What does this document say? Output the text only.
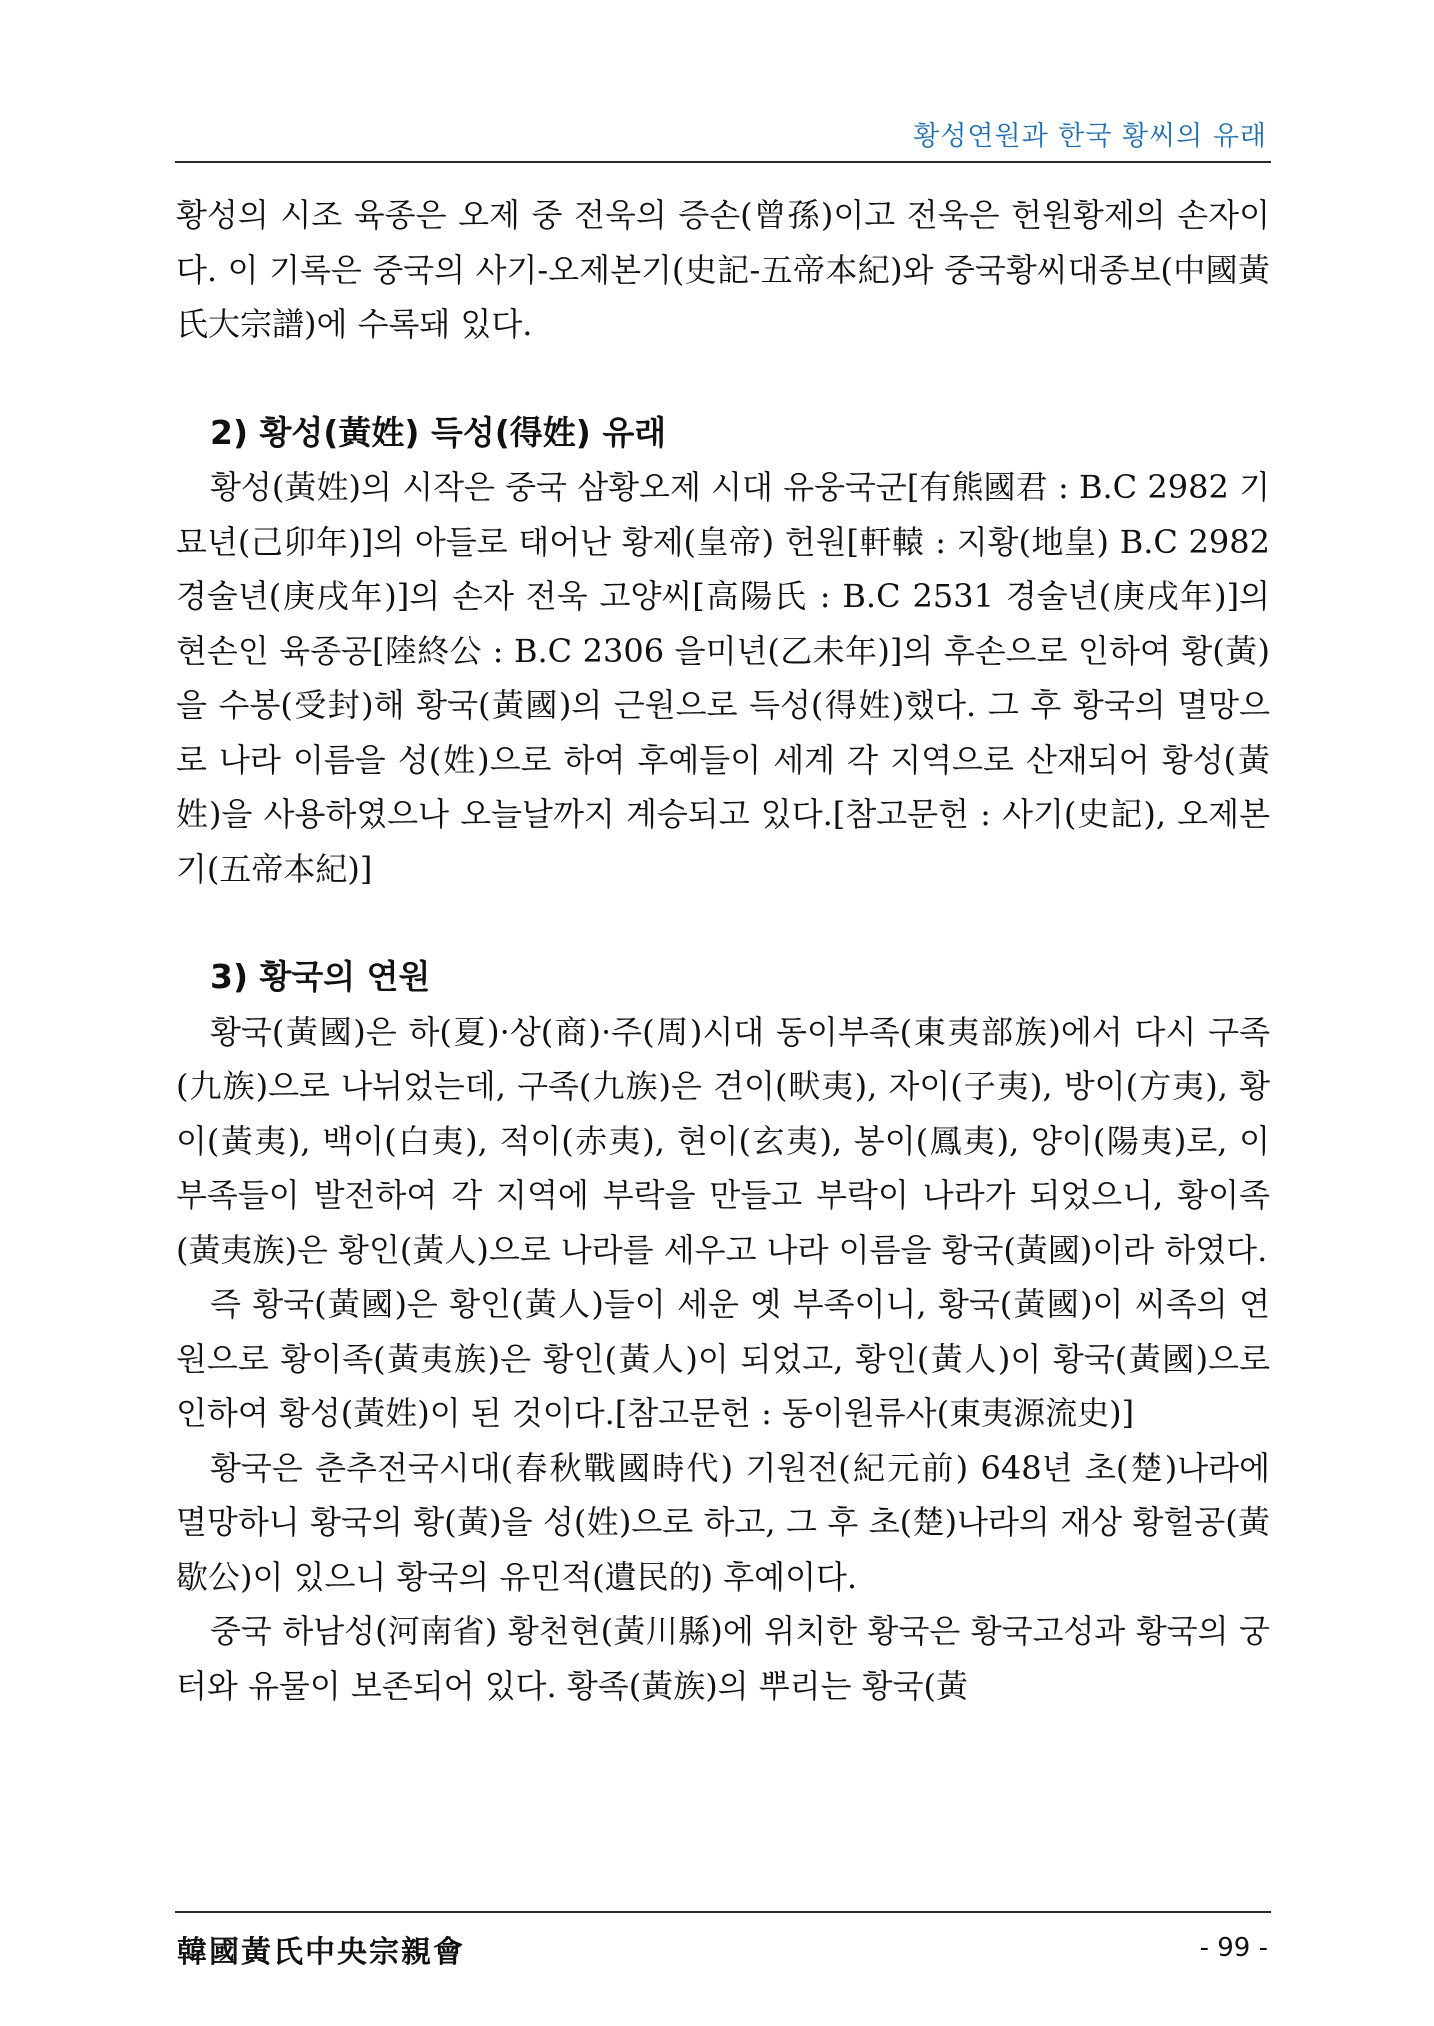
황성연원과 한국 황씨의 유래

황성의 시조 육종은 오제 중 전욱의 증손(曾孫)이고 전욱은 헌원황제의 손자이다. 이 기록은 중국의 사기-오제본기(史記-五帝本紀)와 중국황씨대종보(中國黃氏大宗譜)에 수록돼 있다.

2) 황성(黃姓) 득성(得姓) 유래

황성(黃姓)의 시작은 중국 삼황오제 시대 유웅국군[有熊國君 : B.C 2982 기묘년(己卯年)]의 아들로 태어난 황제(皇帝) 헌원[軒轅 : 지황(地皇) B.C 2982 경술년(庚戌年)]의 손자 전욱 고양씨[高陽氏 : B.C 2531 경술년(庚戌年)]의 현손인 육종공[陸終公 : B.C 2306 을미년(乙未年)]의 후손으로 인하여 황(黃)을 수봉(受封)해 황국(黃國)의 근원으로 득성(得姓)했다. 그 후 황국의 멸망으로 나라 이름을 성(姓)으로 하여 후예들이 세계 각 지역으로 산재되어 황성(黃姓)을 사용하였으나 오늘날까지 계승되고 있다.[참고문헌 : 사기(史記), 오제본기(五帝本紀)]

3) 황국의 연원

황국(黃國)은 하(夏)·상(商)·주(周)시대 동이부족(東夷部族)에서 다시 구족(九族)으로 나뉘었는데, 구족(九族)은 견이(畎夷), 자이(子夷), 방이(方夷), 황이(黃夷), 백이(白夷), 적이(赤夷), 현이(玄夷), 봉이(鳳夷), 양이(陽夷)로, 이 부족들이 발전하여 각 지역에 부락을 만들고 부락이 나라가 되었으니, 황이족(黃夷族)은 황인(黃人)으로 나라를 세우고 나라 이름을 황국(黃國)이라 하였다.

즉 황국(黃國)은 황인(黃人)들이 세운 옛 부족이니, 황국(黃國)이 씨족의 연원으로 황이족(黃夷族)은 황인(黃人)이 되었고, 황인(黃人)이 황국(黃國)으로 인하여 황성(黃姓)이 된 것이다.[참고문헌 : 동이원류사(東夷源流史)]

황국은 춘추전국시대(春秋戰國時代) 기원전(紀元前) 648년 초(楚)나라에 멸망하니 황국의 황(黃)을 성(姓)으로 하고, 그 후 초(楚)나라의 재상 황헐공(黃歇公)이 있으니 황국의 유민적(遺民的) 후예이다.

중국 하남성(河南省) 황천현(黃川縣)에 위치한 황국은 황국고성과 황국의 궁터와 유물이 보존되어 있다. 황족(黃族)의 뿌리는 황국(黃

韓國黃氏中央宗親會	- 99 -
